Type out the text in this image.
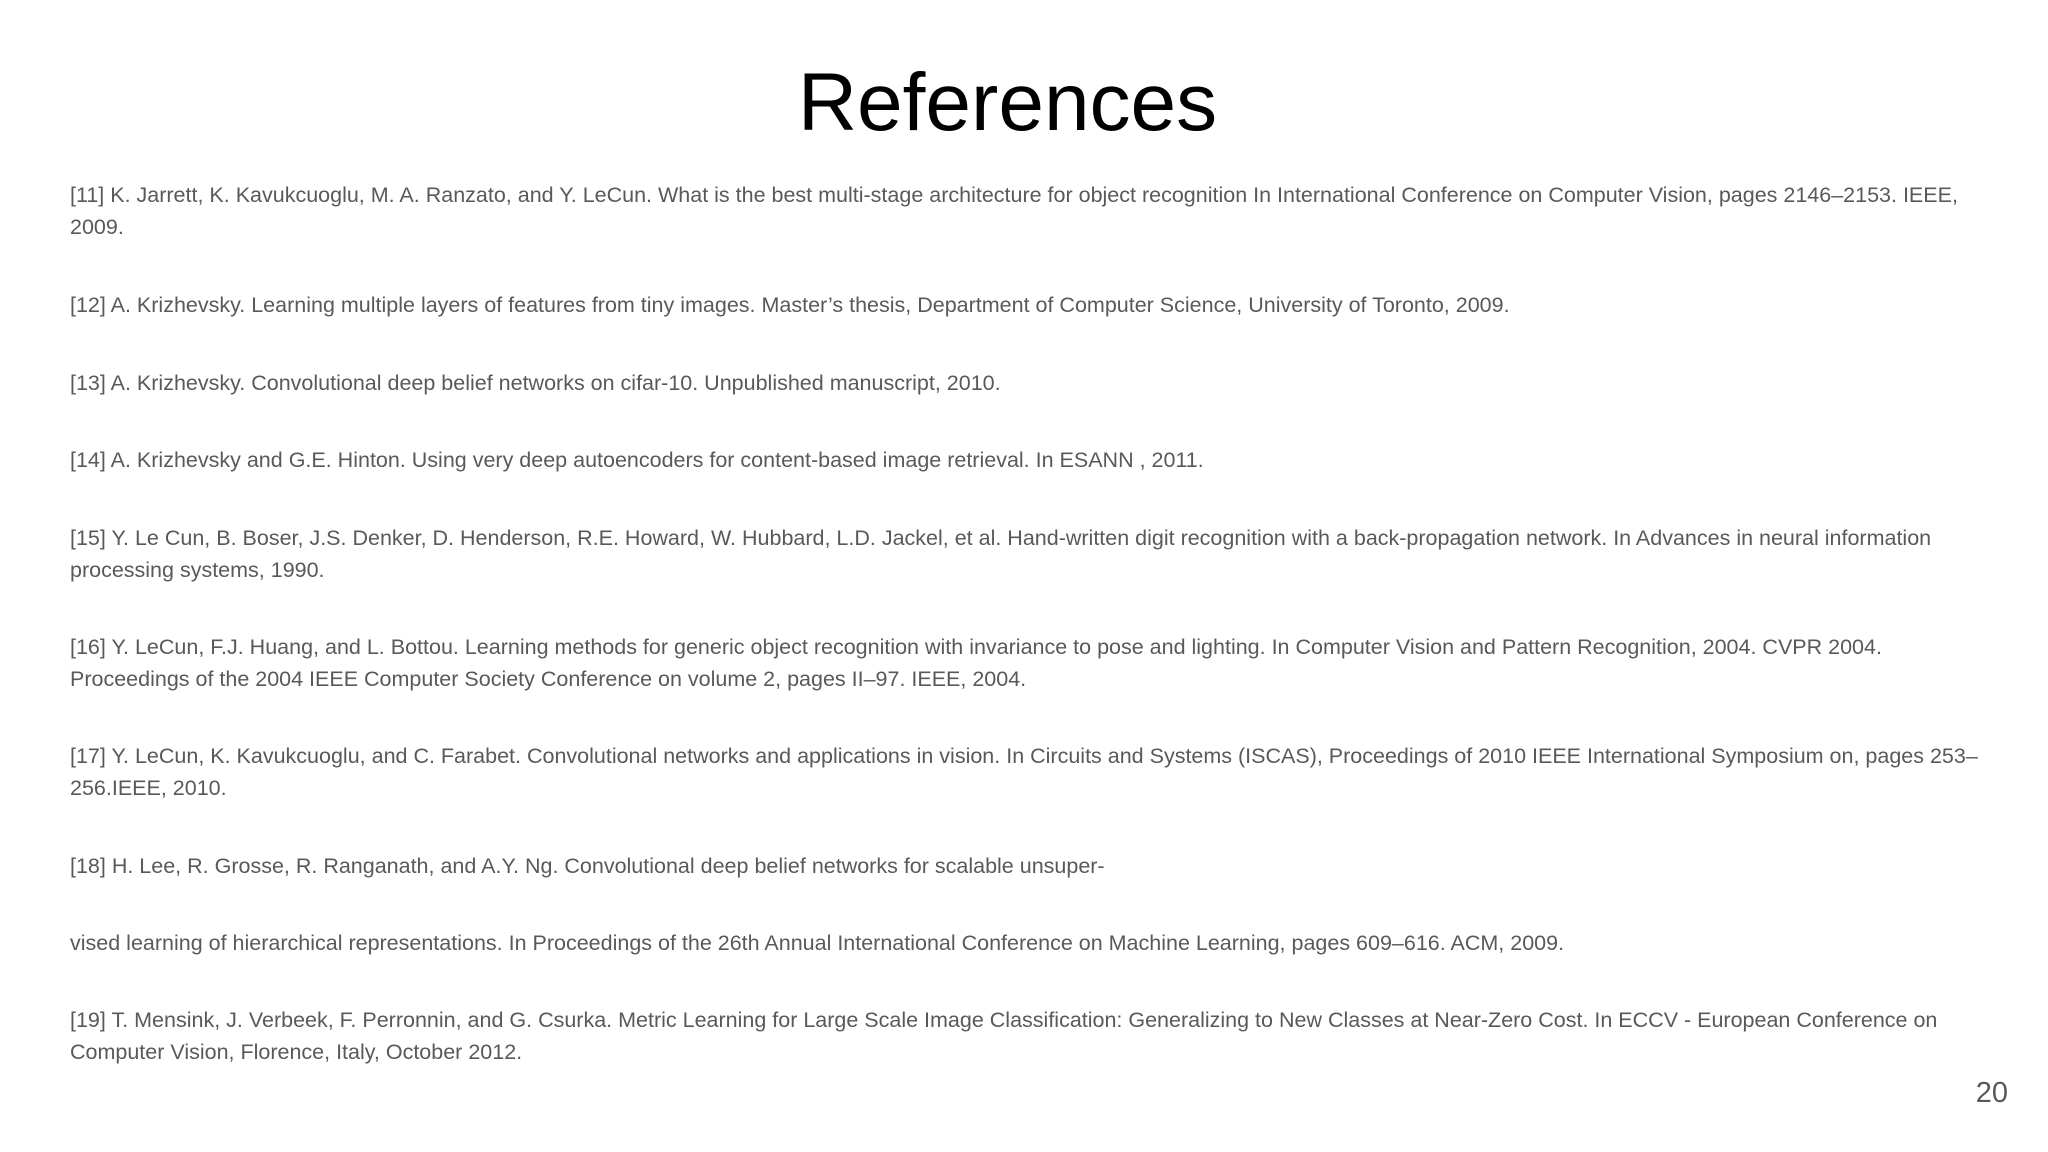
References

[11] K. Jarrett, K. Kavukcuoglu, M. A. Ranzato, and Y. LeCun. What is the best multi-stage architecture for object recognition In International Conference on Computer Vision, pages 2146–2153. IEEE, 2009.

[12] A. Krizhevsky. Learning multiple layers of features from tiny images. Master’s thesis, Department of Computer Science, University of Toronto, 2009.

[13] A. Krizhevsky. Convolutional deep belief networks on cifar-10. Unpublished manuscript, 2010.

[14] A. Krizhevsky and G.E. Hinton. Using very deep autoencoders for content-based image retrieval. In ESANN , 2011.

[15] Y. Le Cun, B. Boser, J.S. Denker, D. Henderson, R.E. Howard, W. Hubbard, L.D. Jackel, et al. Hand-written digit recognition with a back-propagation network. In Advances in neural information processing systems, 1990.

[16] Y. LeCun, F.J. Huang, and L. Bottou. Learning methods for generic object recognition with invariance to pose and lighting. In Computer Vision and Pattern Recognition, 2004. CVPR 2004. Proceedings of the 2004 IEEE Computer Society Conference on volume 2, pages II–97. IEEE, 2004.

[17] Y. LeCun, K. Kavukcuoglu, and C. Farabet. Convolutional networks and applications in vision. In Circuits and Systems (ISCAS), Proceedings of 2010 IEEE International Symposium on, pages 253–256.IEEE, 2010.

[18] H. Lee, R. Grosse, R. Ranganath, and A.Y. Ng. Convolutional deep belief networks for scalable unsuper-

vised learning of hierarchical representations. In Proceedings of the 26th Annual International Conference on Machine Learning, pages 609–616. ACM, 2009.

[19] T. Mensink, J. Verbeek, F. Perronnin, and G. Csurka. Metric Learning for Large Scale Image Classification: Generalizing to New Classes at Near-Zero Cost. In ECCV - European Conference on Computer Vision, Florence, Italy, October 2012.

20
